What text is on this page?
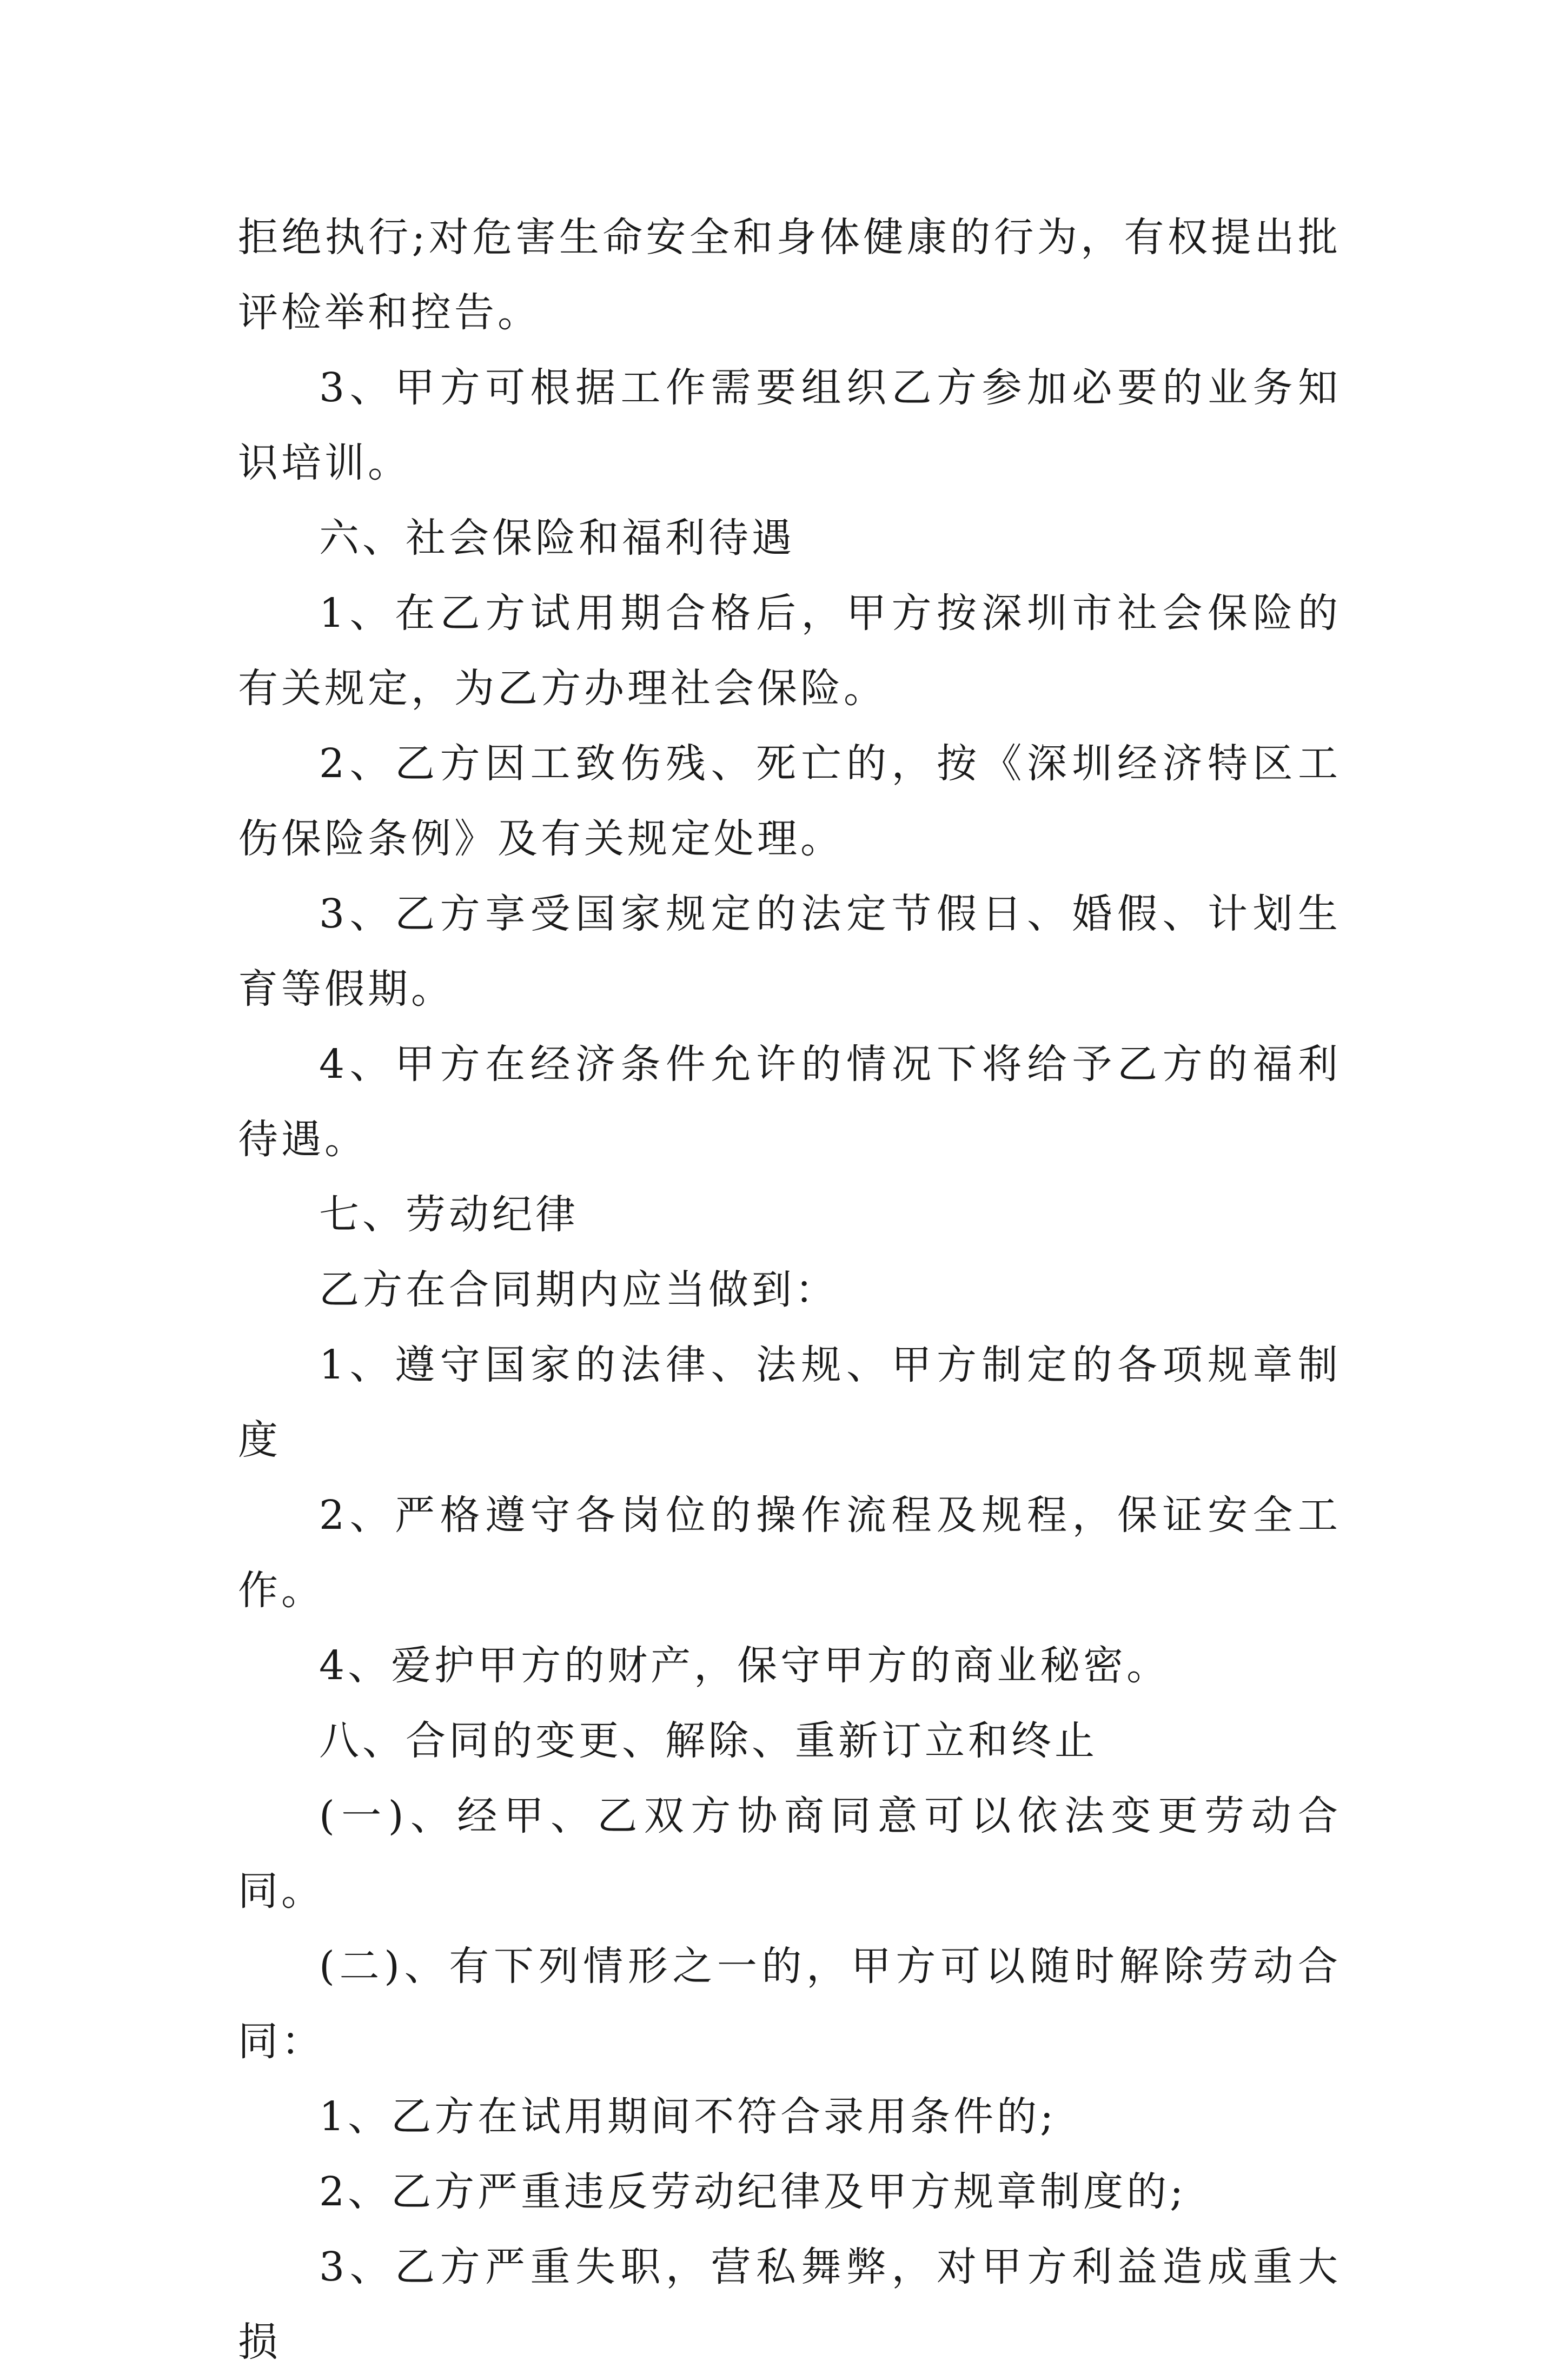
拒绝执行;对危害生命安全和身体健康的行为，有权提出批评检举和控告。

3、甲方可根据工作需要组织乙方参加必要的业务知识培训。

六、社会保险和福利待遇

1、在乙方试用期合格后，甲方按深圳市社会保险的有关规定，为乙方办理社会保险。

2、乙方因工致伤残、死亡的，按《深圳经济特区工伤保险条例》及有关规定处理。

3、乙方享受国家规定的法定节假日、婚假、计划生育等假期。

4、甲方在经济条件允许的情况下将给予乙方的福利待遇。

七、劳动纪律

乙方在合同期内应当做到：

1、遵守国家的法律、法规、甲方制定的各项规章制度

2、严格遵守各岗位的操作流程及规程，保证安全工作。

4、爱护甲方的财产，保守甲方的商业秘密。

八、合同的变更、解除、重新订立和终止

(一)、经甲、乙双方协商同意可以依法变更劳动合同。

(二)、有下列情形之一的，甲方可以随时解除劳动合同：

1、乙方在试用期间不符合录用条件的;

2、乙方严重违反劳动纪律及甲方规章制度的;

3、乙方严重失职，营私舞弊，对甲方利益造成重大损
